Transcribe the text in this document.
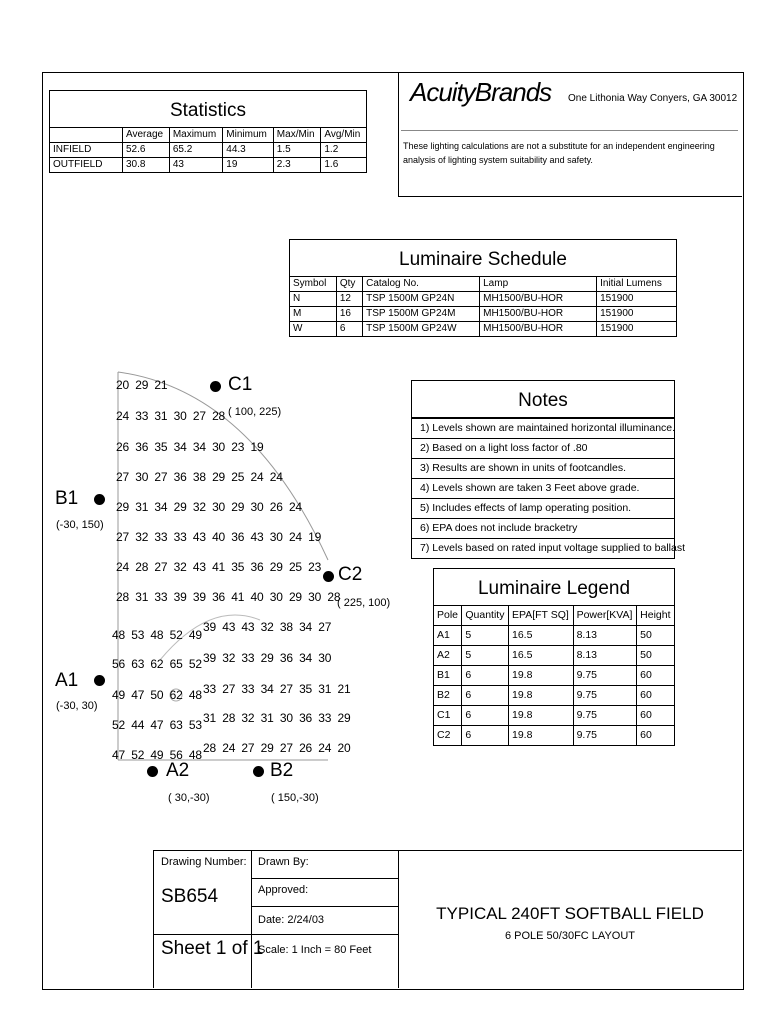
AcuityBrands One Lithonia Way Conyers, GA 30012
These lighting calculations are not a substitute for an independent engineering analysis of lighting system suitability and safety.
Statistics
	Average	Maximum	Minimum	Max/Min	Avg/Min
INFIELD	52.6	65.2	44.3	1.5	1.2
OUTFIELD	30.8	43	19	2.3	1.6
Luminaire Schedule
Symbol	Qty	Catalog No.	Lamp	Initial Lumens
N	12	TSP 1500M GP24N	MH1500/BU-HOR	151900
M	16	TSP 1500M GP24M	MH1500/BU-HOR	151900
W	6	TSP 1500M GP24W	MH1500/BU-HOR	151900
Notes
1) Levels shown are maintained horizontal illuminance.
2) Based on a light loss factor of .80
3) Results are shown in units of footcandles.
4) Levels shown are taken 3 Feet above grade.
5) Includes effects of lamp operating position.
6) EPA does not include bracketry
7) Levels based on rated input voltage supplied to ballast
Luminaire Legend
Pole	Quantity	EPA[FT SQ]	Power[KVA]	Height
A1	5	16.5	8.13	50
A2	5	16.5	8.13	50
B1	6	19.8	9.75	60
B2	6	19.8	9.75	60
C1	6	19.8	9.75	60
C2	6	19.8	9.75	60
20  29  21
24  33  31  30  27  28
26  36  35  34  34  30  23  19
27  30  27  36  38  29  25  24  24
29  31  34  29  32  30  29  30  26  24
27  32  33  33  43  40  36  43  30  24  19
24  28  27  32  43  41  35  36  29  25  23
28  31  33  39  39  36  41  40  30  29  30  28
39  43  43  32  38  34  27
39  32  33  29  36  34  30
33  27  33  34  27  35  31  21
31  28  32  31  30  36  33  29
28  24  27  29  27  26  24  20
48  53  48  52  49
56  63  62  65  52
49  47  50  62  48
52  44  47  63  53
47  52  49  56  48
C1
( 100, 225)
C2
( 225, 100)
B1
(-30, 150)
A1
(-30, 30)
A2
( 30,-30)
B2
( 150,-30)
Drawing Number:
SB654
Sheet 1 of 1
Drawn By:
Approved:
Date: 2/24/03
Scale: 1 Inch = 80 Feet
TYPICAL 240FT SOFTBALL FIELD
6 POLE 50/30FC LAYOUT
